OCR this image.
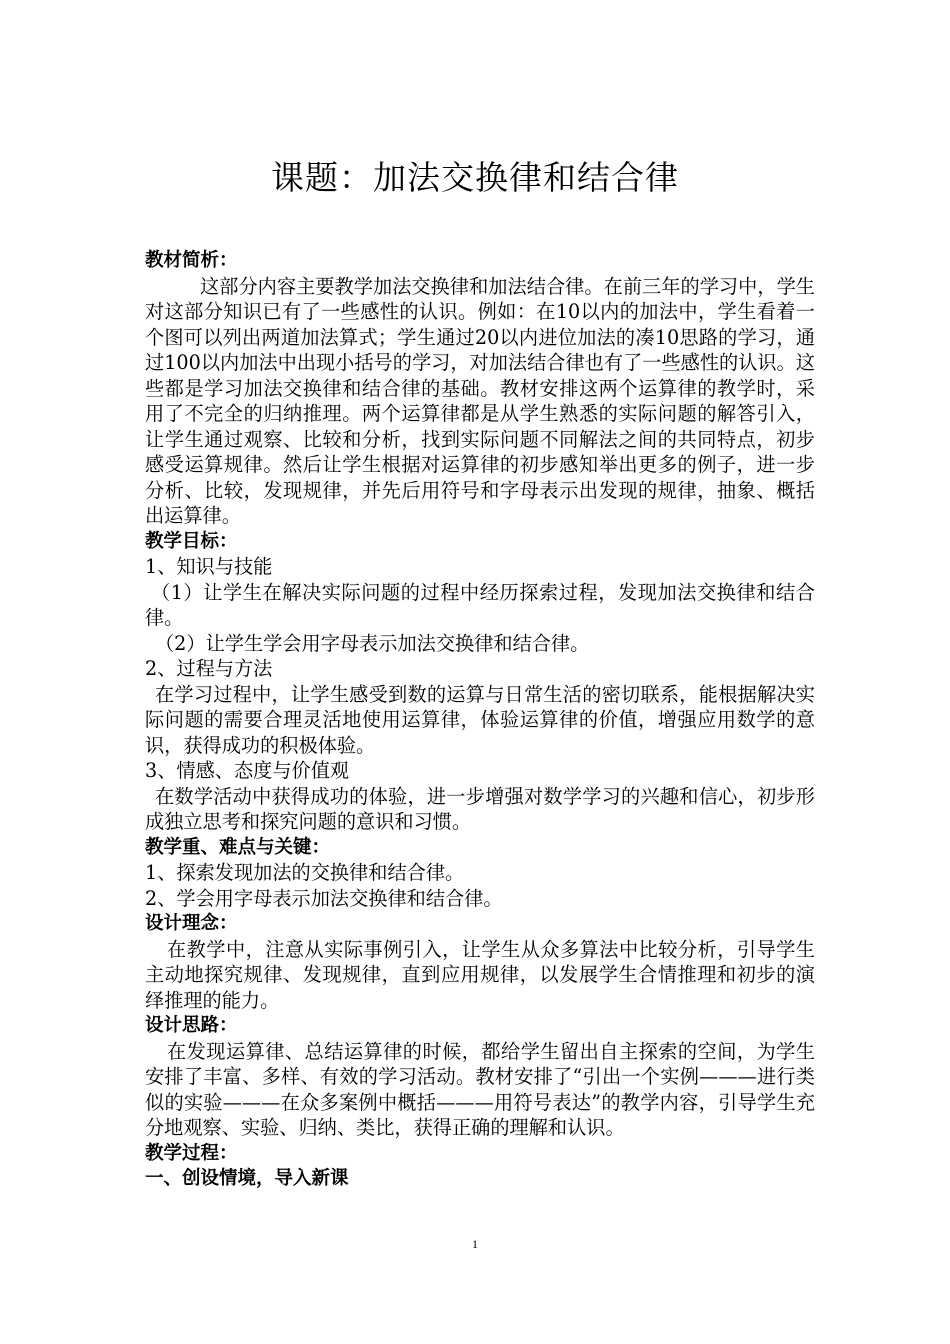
课题：加法交换律和结合律

教材简析：

这部分内容主要教学加法交换律和加法结合律。在前三年的学习中，学生对这部分知识已有了一些感性的认识。例如：在10以内的加法中，学生看着一个图可以列出两道加法算式；学生通过20以内进位加法的凑10思路的学习，通过100以内加法中出现小括号的学习，对加法结合律也有了一些感性的认识。这些都是学习加法交换律和结合律的基础。教材安排这两个运算律的教学时，采用了不完全的归纳推理。两个运算律都是从学生熟悉的实际问题的解答引入，让学生通过观察、比较和分析，找到实际问题不同解法之间的共同特点，初步感受运算规律。然后让学生根据对运算律的初步感知举出更多的例子，进一步分析、比较，发现规律，并先后用符号和字母表示出发现的规律，抽象、概括出运算律。

教学目标：

1、知识与技能

（1）让学生在解决实际问题的过程中经历探索过程，发现加法交换律和结合律。

（2）让学生学会用字母表示加法交换律和结合律。

2、过程与方法

在学习过程中，让学生感受到数的运算与日常生活的密切联系，能根据解决实际问题的需要合理灵活地使用运算律，体验运算律的价值，增强应用数学的意识，获得成功的积极体验。

3、情感、态度与价值观

在数学活动中获得成功的体验，进一步增强对数学学习的兴趣和信心，初步形成独立思考和探究问题的意识和习惯。

教学重、难点与关键：

1、探索发现加法的交换律和结合律。

2、学会用字母表示加法交换律和结合律。

设计理念：

在教学中，注意从实际事例引入，让学生从众多算法中比较分析，引导学生主动地探究规律、发现规律，直到应用规律，以发展学生合情推理和初步的演绎推理的能力。

设计思路：

在发现运算律、总结运算律的时候，都给学生留出自主探索的空间，为学生安排了丰富、多样、有效的学习活动。教材安排了“引出一个实例———进行类似的实验———在众多案例中概括———用符号表达”的教学内容，引导学生充分地观察、实验、归纳、类比，获得正确的理解和认识。

教学过程：

一、创设情境，导入新课

1
